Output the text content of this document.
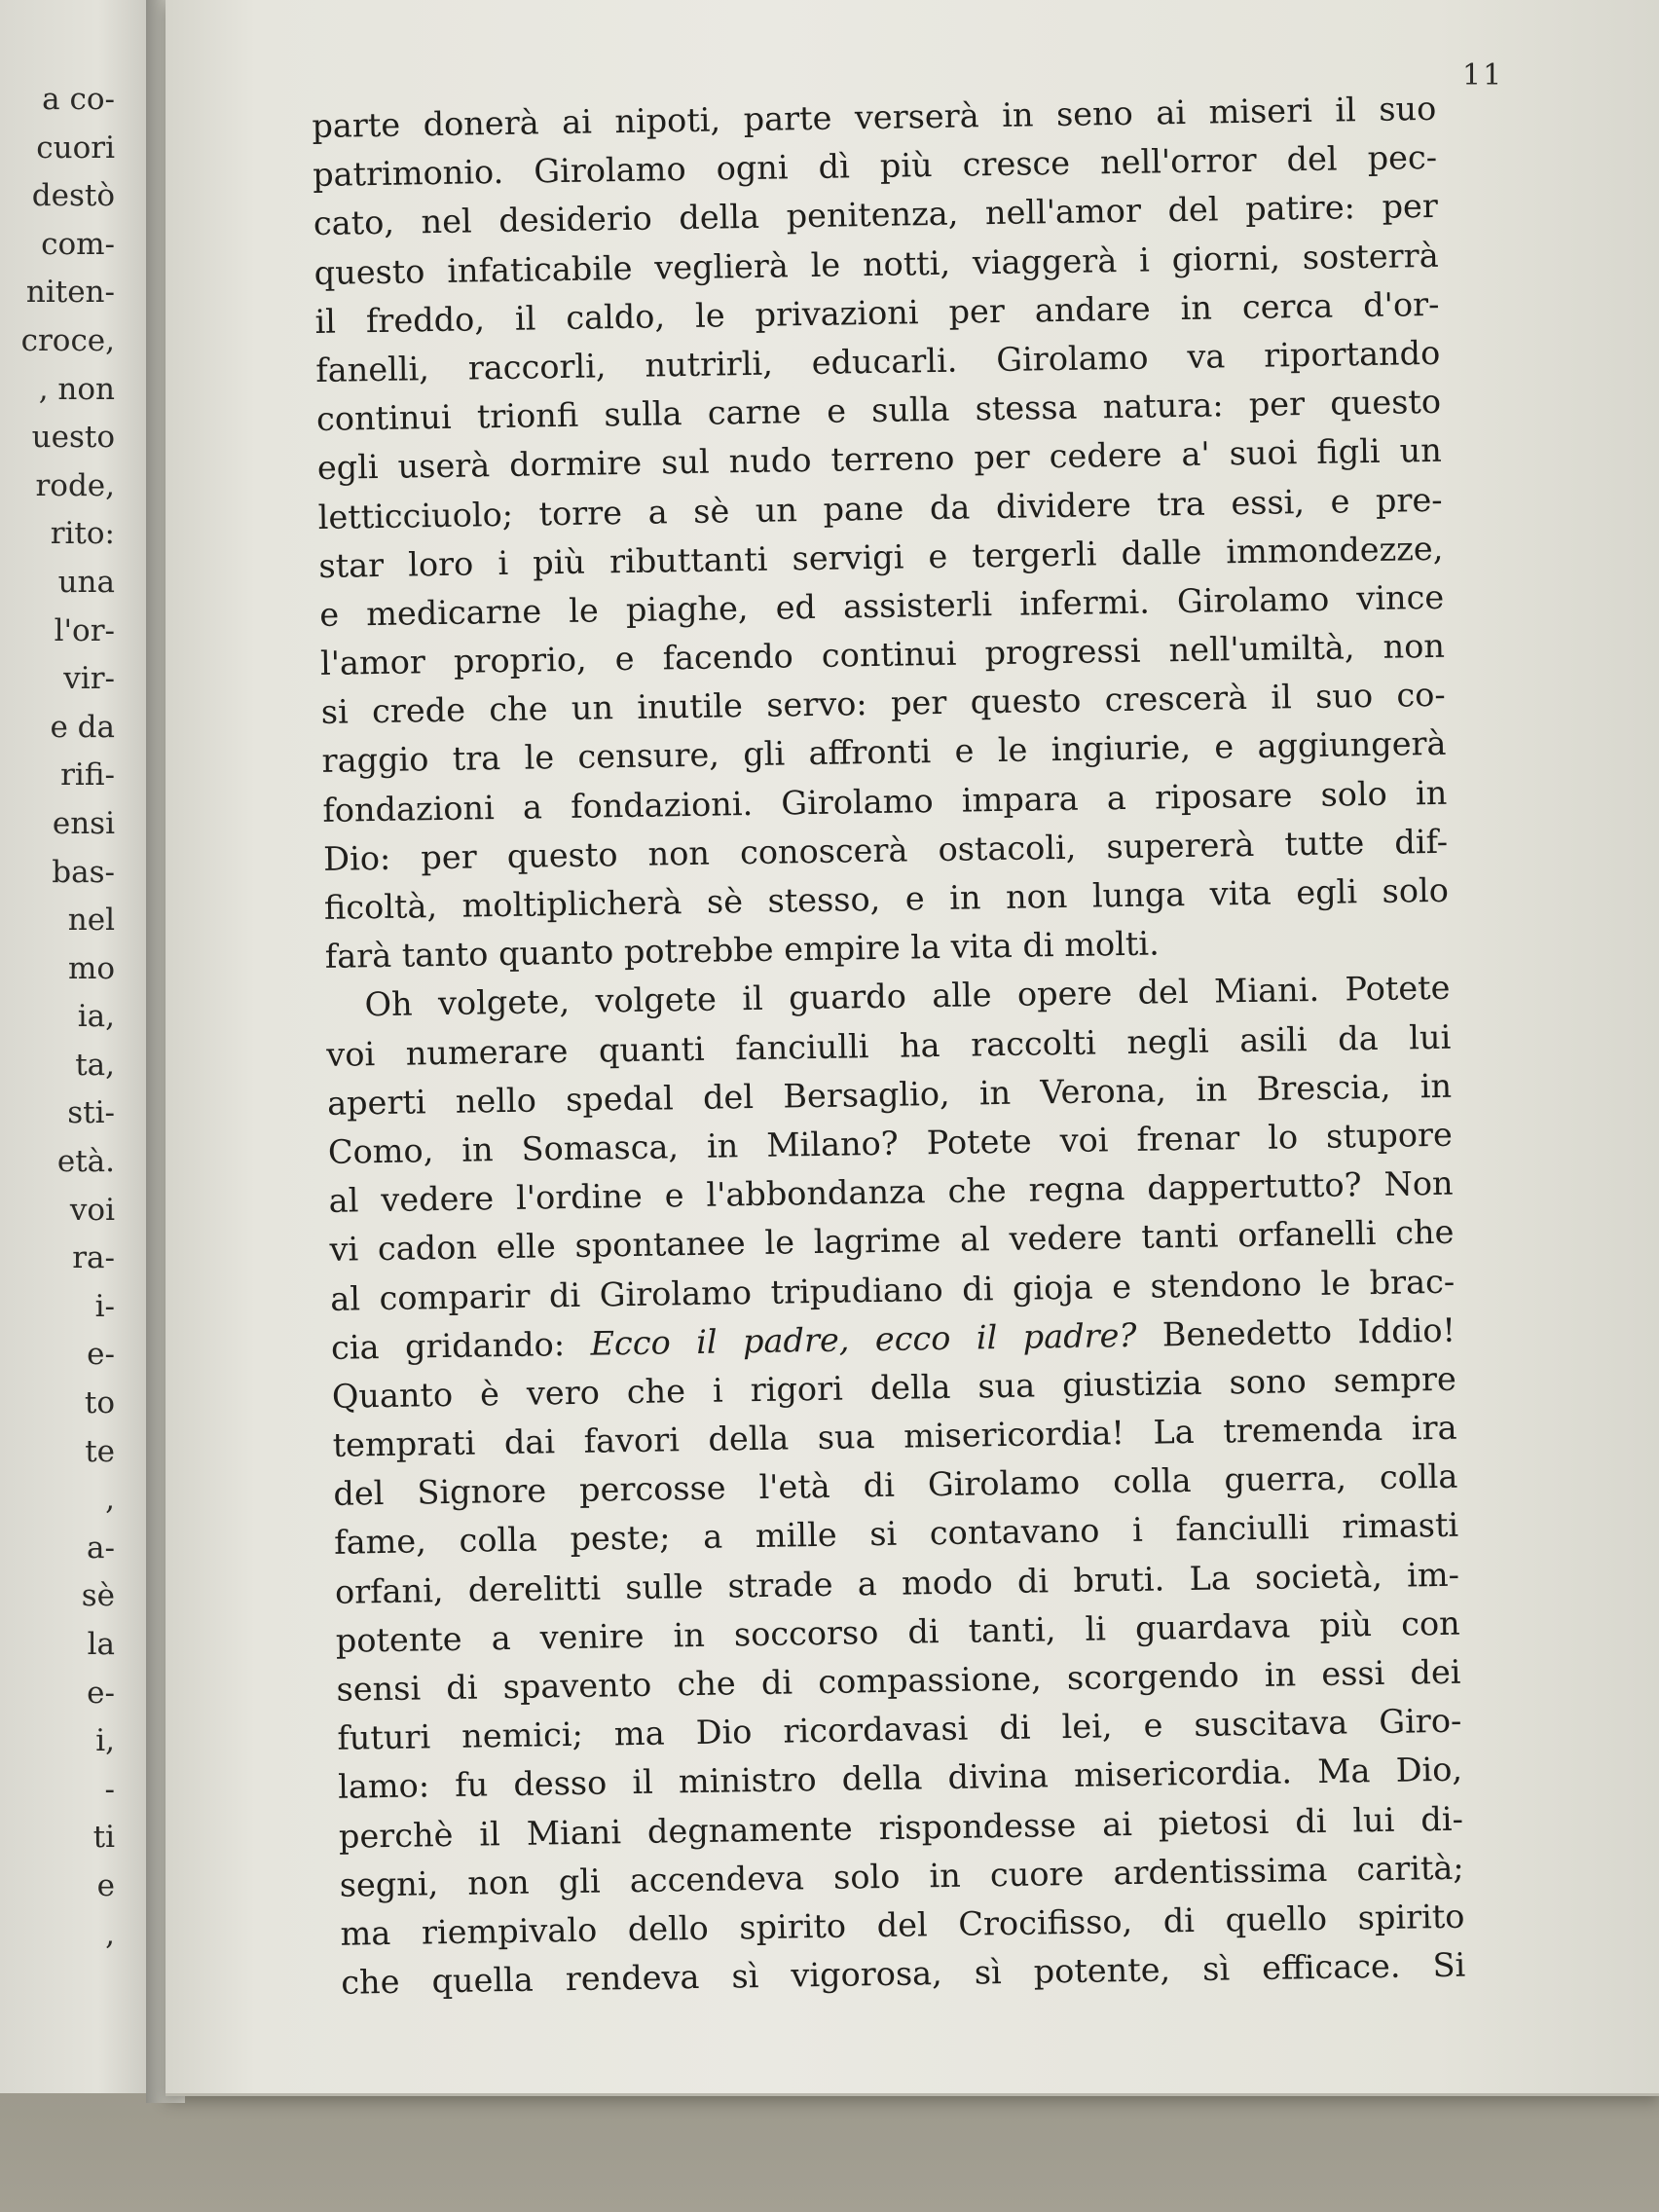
a co-
cuori
destò
com-
niten-
croce,
, non
uesto
rode,
rito:
una
l'or-
vir-
e da
rifi-
ensi
bas-
nel
mo
ia,
ta,
sti-
età.
voi
ra-
i-
e-
to
te
,
a-
sè
la
e-
i,
-
ti
e
,
11
parte donerà ai nipoti, parte verserà in seno ai miseri il suo
patrimonio. Girolamo ogni dì più cresce nell'orror del pec-
cato, nel desiderio della penitenza, nell'amor del patire: per
questo infaticabile veglierà le notti, viaggerà i giorni, sosterrà
il freddo, il caldo, le privazioni per andare in cerca d'or-
fanelli, raccorli, nutrirli, educarli. Girolamo va riportando
continui trionfi sulla carne e sulla stessa natura: per questo
egli userà dormire sul nudo terreno per cedere a' suoi figli un
letticciuolo; torre a sè un pane da dividere tra essi, e pre-
star loro i più ributtanti servigi e tergerli dalle immondezze,
e medicarne le piaghe, ed assisterli infermi. Girolamo vince
l'amor proprio, e facendo continui progressi nell'umiltà, non
si crede che un inutile servo: per questo crescerà il suo co-
raggio tra le censure, gli affronti e le ingiurie, e aggiungerà
fondazioni a fondazioni. Girolamo impara a riposare solo in
Dio: per questo non conoscerà ostacoli, supererà tutte dif-
ficoltà, moltiplicherà sè stesso, e in non lunga vita egli solo
farà tanto quanto potrebbe empire la vita di molti.
Oh volgete, volgete il guardo alle opere del Miani. Potete
voi numerare quanti fanciulli ha raccolti negli asili da lui
aperti nello spedal del Bersaglio, in Verona, in Brescia, in
Como, in Somasca, in Milano? Potete voi frenar lo stupore
al vedere l'ordine e l'abbondanza che regna dappertutto? Non
vi cadon elle spontanee le lagrime al vedere tanti orfanelli che
al comparir di Girolamo tripudiano di gioja e stendono le brac-
cia gridando: Ecco il padre, ecco il padre? Benedetto Iddio!
Quanto è vero che i rigori della sua giustizia sono sempre
temprati dai favori della sua misericordia! La tremenda ira
del Signore percosse l'età di Girolamo colla guerra, colla
fame, colla peste; a mille si contavano i fanciulli rimasti
orfani, derelitti sulle strade a modo di bruti. La società, im-
potente a venire in soccorso di tanti, li guardava più con
sensi di spavento che di compassione, scorgendo in essi dei
futuri nemici; ma Dio ricordavasi di lei, e suscitava Giro-
lamo: fu desso il ministro della divina misericordia. Ma Dio,
perchè il Miani degnamente rispondesse ai pietosi di lui di-
segni, non gli accendeva solo in cuore ardentissima carità;
ma riempivalo dello spirito del Crocifisso, di quello spirito
che quella rendeva sì vigorosa, sì potente, sì efficace. Si
